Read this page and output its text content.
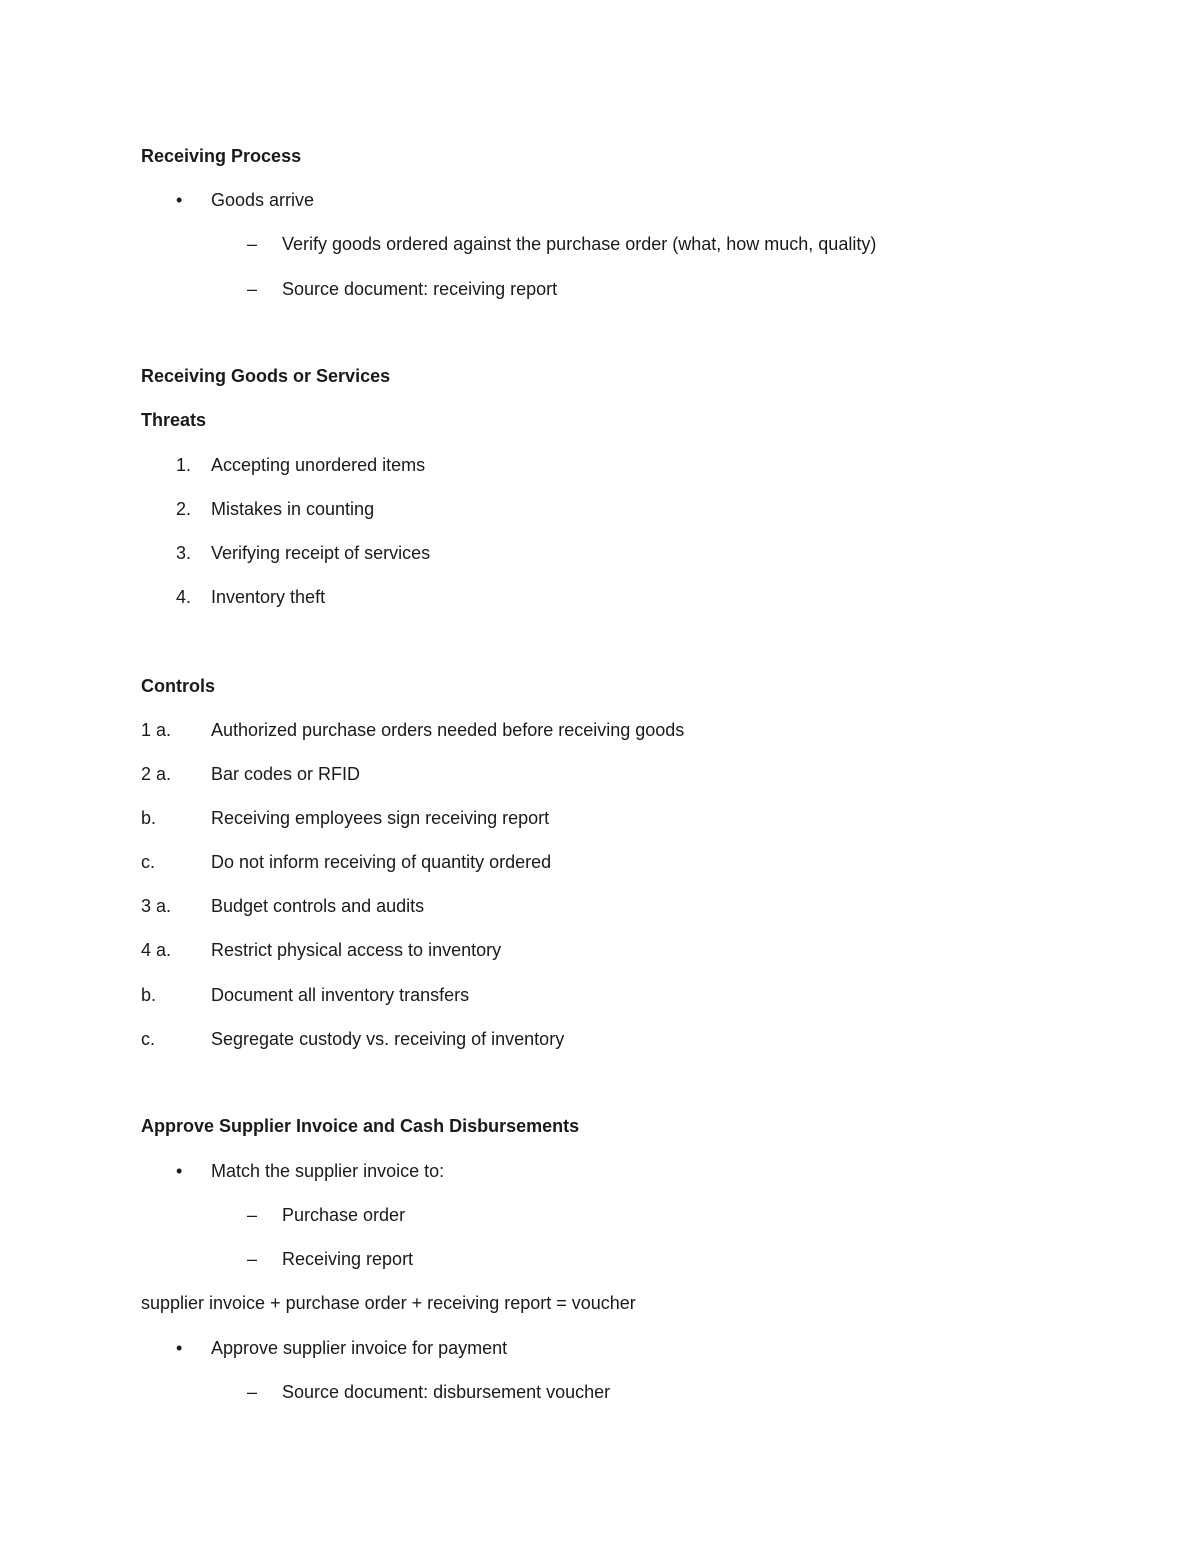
Receiving Process
• Goods arrive
– Verify goods ordered against the purchase order (what, how much, quality)
– Source document: receiving report
Receiving Goods or Services
Threats
1. Accepting unordered items
2. Mistakes in counting
3. Verifying receipt of services
4. Inventory theft
Controls
1 a. Authorized purchase orders needed before receiving goods
2 a. Bar codes or RFID
b.	Receiving employees sign receiving report
c.	Do not inform receiving of quantity ordered
3 a. Budget controls and audits
4 a. Restrict physical access to inventory
b.	Document all inventory transfers
c.	Segregate custody vs. receiving of inventory
Approve Supplier Invoice and Cash Disbursements
• Match the supplier invoice to:
– Purchase order
– Receiving report
supplier invoice + purchase order + receiving report = voucher
• Approve supplier invoice for payment
– Source document: disbursement voucher
